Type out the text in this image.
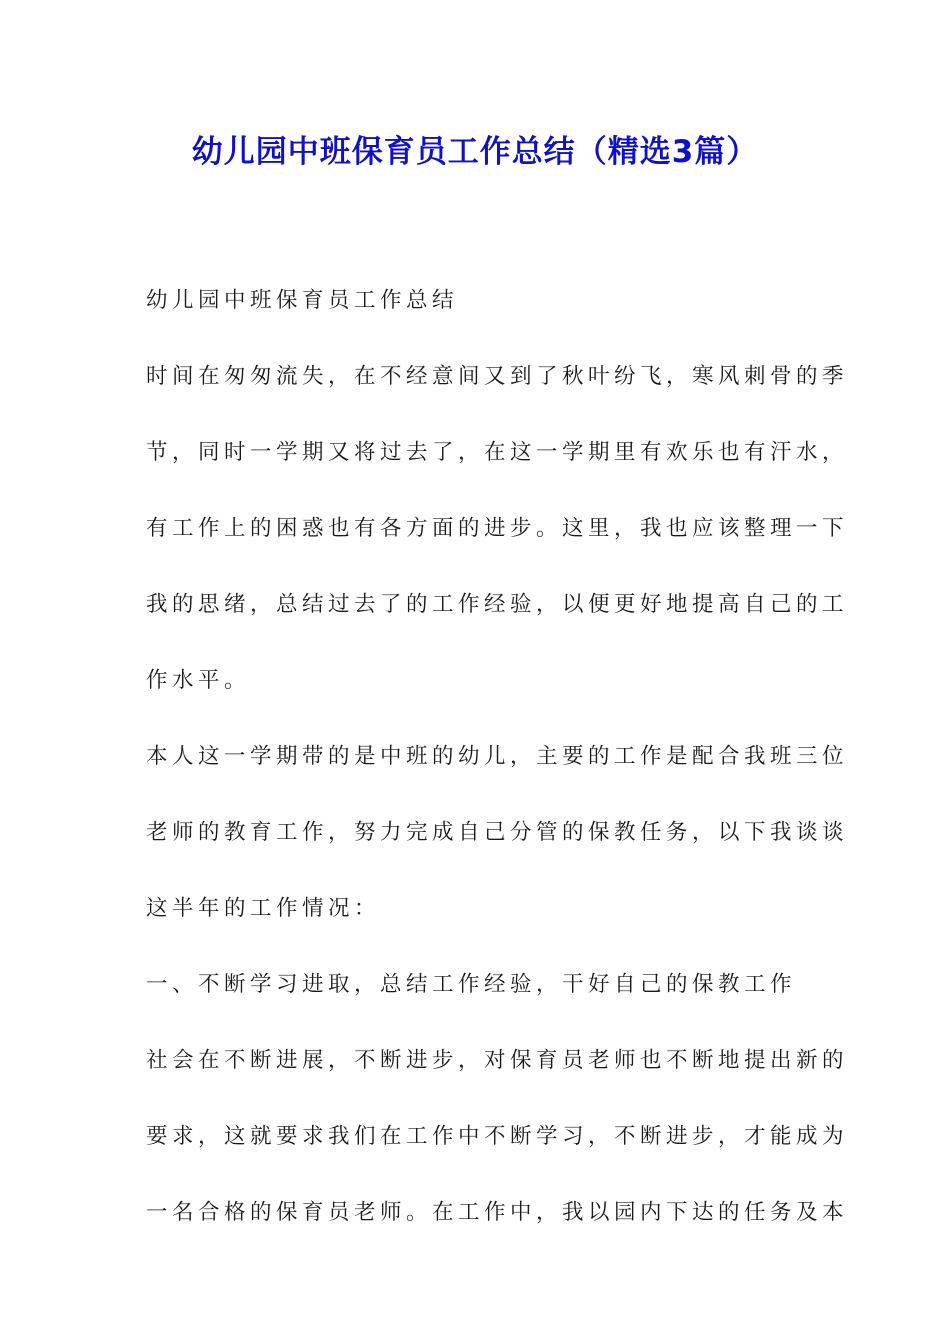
幼儿园中班保育员工作总结（精选3篇）
幼儿园中班保育员工作总结
时间在匆匆流失，在不经意间又到了秋叶纷飞，寒风刺骨的季
节，同时一学期又将过去了，在这一学期里有欢乐也有汗水，
有工作上的困惑也有各方面的进步。这里，我也应该整理一下
我的思绪，总结过去了的工作经验，以便更好地提高自己的工
作水平。
本人这一学期带的是中班的幼儿，主要的工作是配合我班三位
老师的教育工作，努力完成自己分管的保教任务，以下我谈谈
这半年的工作情况：
一、不断学习进取，总结工作经验，干好自己的保教工作
社会在不断进展，不断进步，对保育员老师也不断地提出新的
要求，这就要求我们在工作中不断学习，不断进步，才能成为
一名合格的保育员老师。在工作中，我以园内下达的任务及本
